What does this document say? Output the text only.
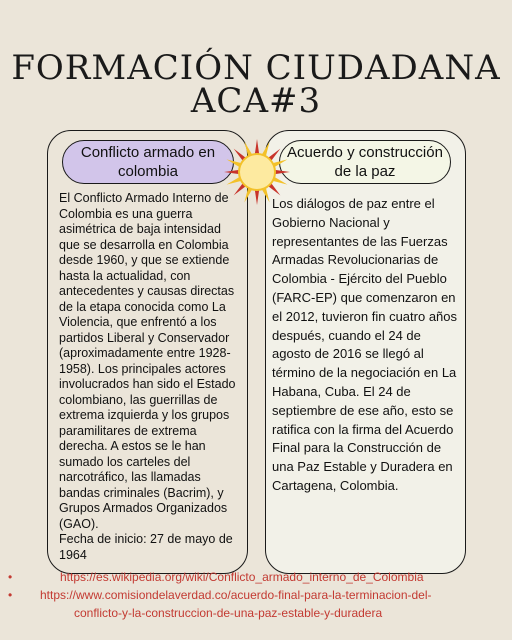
FORMACIÓN CIUDADANA
ACA#3
Conflicto armado en colombia
Acuerdo y construcción de la paz

El Conflicto Armado Interno de Colombia es una guerra asimétrica de baja intensidad que se desarrolla en Colombia desde 1960, y que se extiende hasta la actualidad, con antecedentes y causas directas de la etapa conocida como La Violencia, que enfrentó a los partidos Liberal y Conservador (aproximadamente entre 1928-1958). Los principales actores involucrados han sido el Estado colombiano, las guerrillas de extrema izquierda y los grupos paramilitares de extrema derecha. A estos se le han sumado los carteles del narcotráfico, las llamadas bandas criminales (Bacrim), y Grupos Armados Organizados (GAO).

Fecha de inicio: 27 de mayo de 1964

Los diálogos de paz entre el Gobierno Nacional y representantes de las Fuerzas Armadas Revolucionarias de Colombia - Ejército del Pueblo (FARC-EP) que comenzaron en el 2012, tuvieron fin cuatro años después, cuando el 24 de agosto de 2016 se llegó al término de la negociación en La Habana, Cuba. El 24 de septiembre de ese año, esto se ratifica con la firma del Acuerdo Final para la Construcción de una Paz Estable y Duradera en Cartagena, Colombia.
•	https://es.wikipedia.org/wiki/Conflicto_armado_interno_de_Colombia
•	https://www.comisiondelaverdad.co/acuerdo-final-para-la-terminacion-del-
conflicto-y-la-construccion-de-una-paz-estable-y-duradera
